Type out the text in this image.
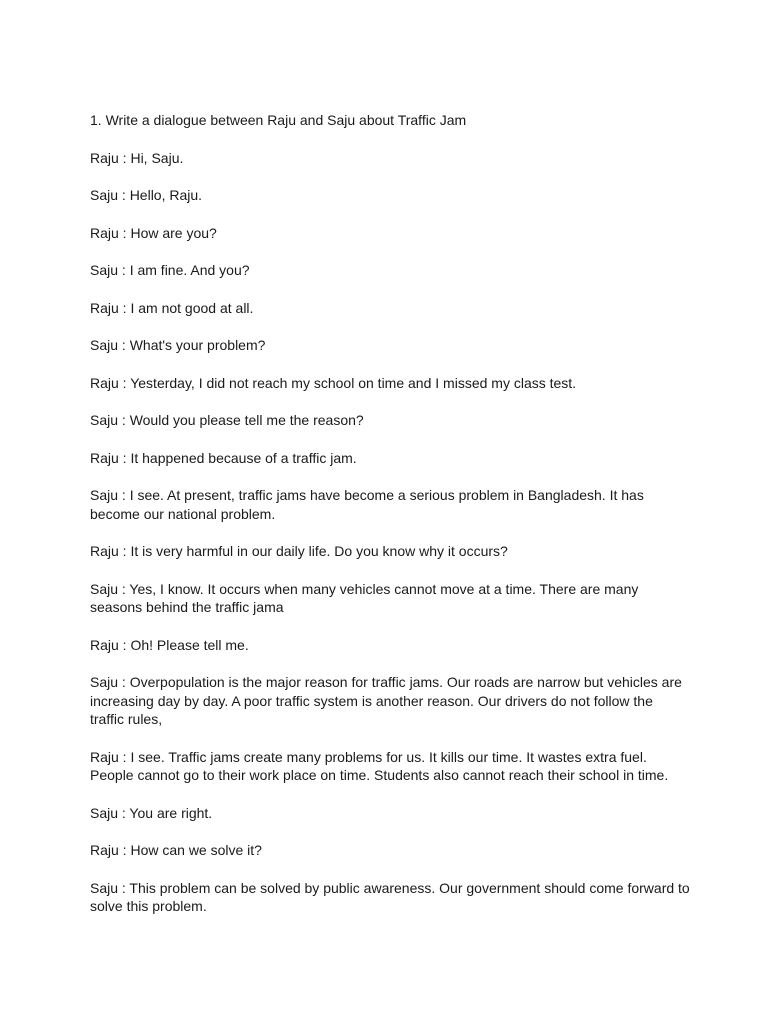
1. Write a dialogue between Raju and Saju about Traffic Jam

Raju : Hi, Saju.

Saju : Hello, Raju.

Raju : How are you?

Saju : I am fine. And you?

Raju : I am not good at all.

Saju : What's your problem?

Raju : Yesterday, I did not reach my school on time and I missed my class test.

Saju : Would you please tell me the reason?

Raju : It happened because of a traffic jam.

Saju : I see. At present, traffic jams have become a serious problem in Bangladesh. It has become our national problem.

Raju : It is very harmful in our daily life. Do you know why it occurs?

Saju : Yes, I know. It occurs when many vehicles cannot move at a time. There are many seasons behind the traffic jama

Raju : Oh! Please tell me.

Saju : Overpopulation is the major reason for traffic jams. Our roads are narrow but vehicles are increasing day by day. A poor traffic system is another reason. Our drivers do not follow the traffic rules,

Raju : I see. Traffic jams create many problems for us. It kills our time. It wastes extra fuel. People cannot go to their work place on time. Students also cannot reach their school in time.

Saju : You are right.

Raju : How can we solve it?

Saju : This problem can be solved by public awareness. Our government should come forward to solve this problem.
